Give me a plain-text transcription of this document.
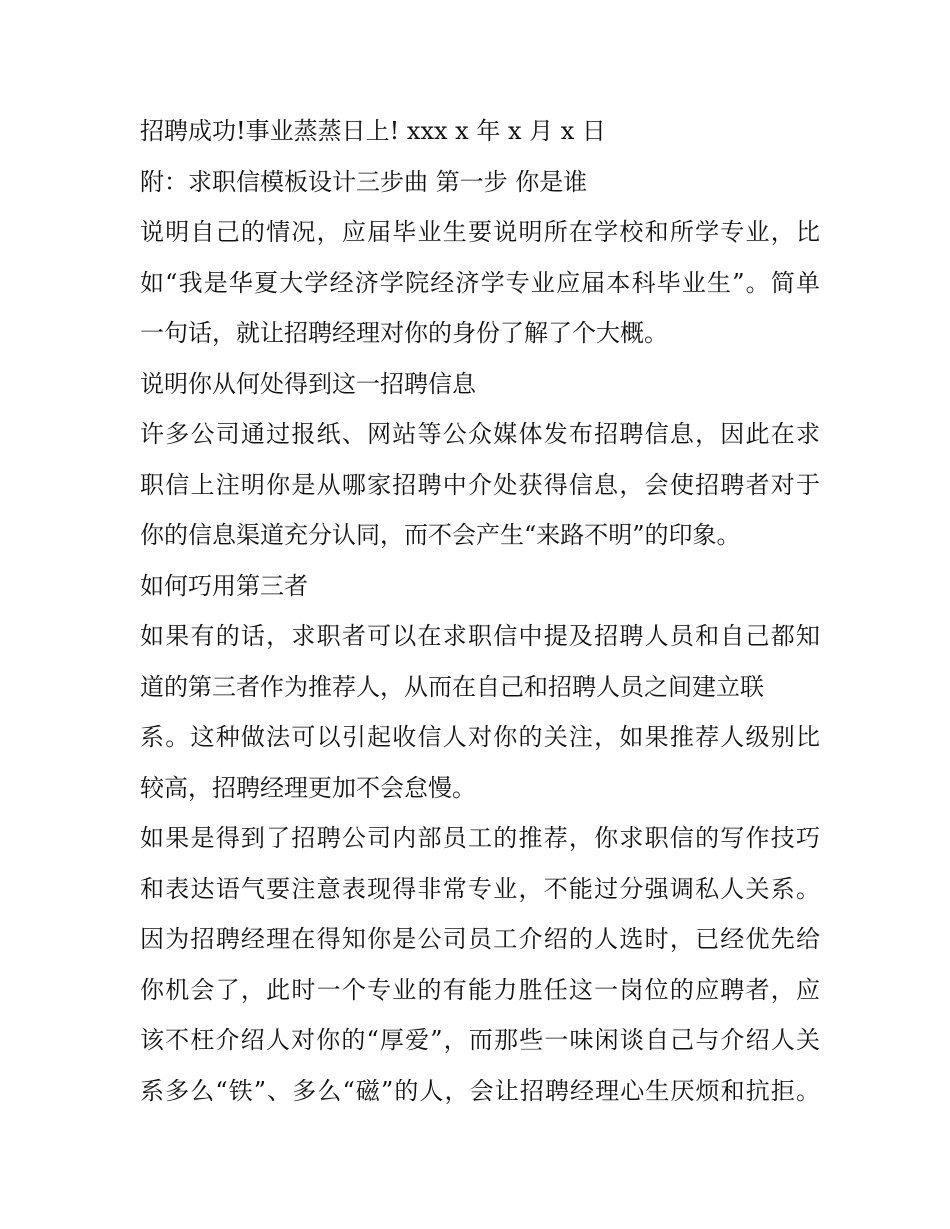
招聘成功!事业蒸蒸日上! xxx x 年 x 月 x 日
附：求职信模板设计三步曲 第一步 你是谁
说明自己的情况，应届毕业生要说明所在学校和所学专业，比
如“我是华夏大学经济学院经济学专业应届本科毕业生”。简单
一句话，就让招聘经理对你的身份了解了个大概。
说明你从何处得到这一招聘信息
许多公司通过报纸、网站等公众媒体发布招聘信息，因此在求
职信上注明你是从哪家招聘中介处获得信息，会使招聘者对于
你的信息渠道充分认同，而不会产生“来路不明”的印象。
如何巧用第三者
如果有的话，求职者可以在求职信中提及招聘人员和自己都知
道的第三者作为推荐人，从而在自己和招聘人员之间建立联
系。这种做法可以引起收信人对你的关注，如果推荐人级别比
较高，招聘经理更加不会怠慢。
如果是得到了招聘公司内部员工的推荐，你求职信的写作技巧
和表达语气要注意表现得非常专业，不能过分强调私人关系。
因为招聘经理在得知你是公司员工介绍的人选时，已经优先给
你机会了，此时一个专业的有能力胜任这一岗位的应聘者，应
该不枉介绍人对你的“厚爱”，而那些一味闲谈自己与介绍人关
系多么“铁”、多么“磁”的人，会让招聘经理心生厌烦和抗拒。
